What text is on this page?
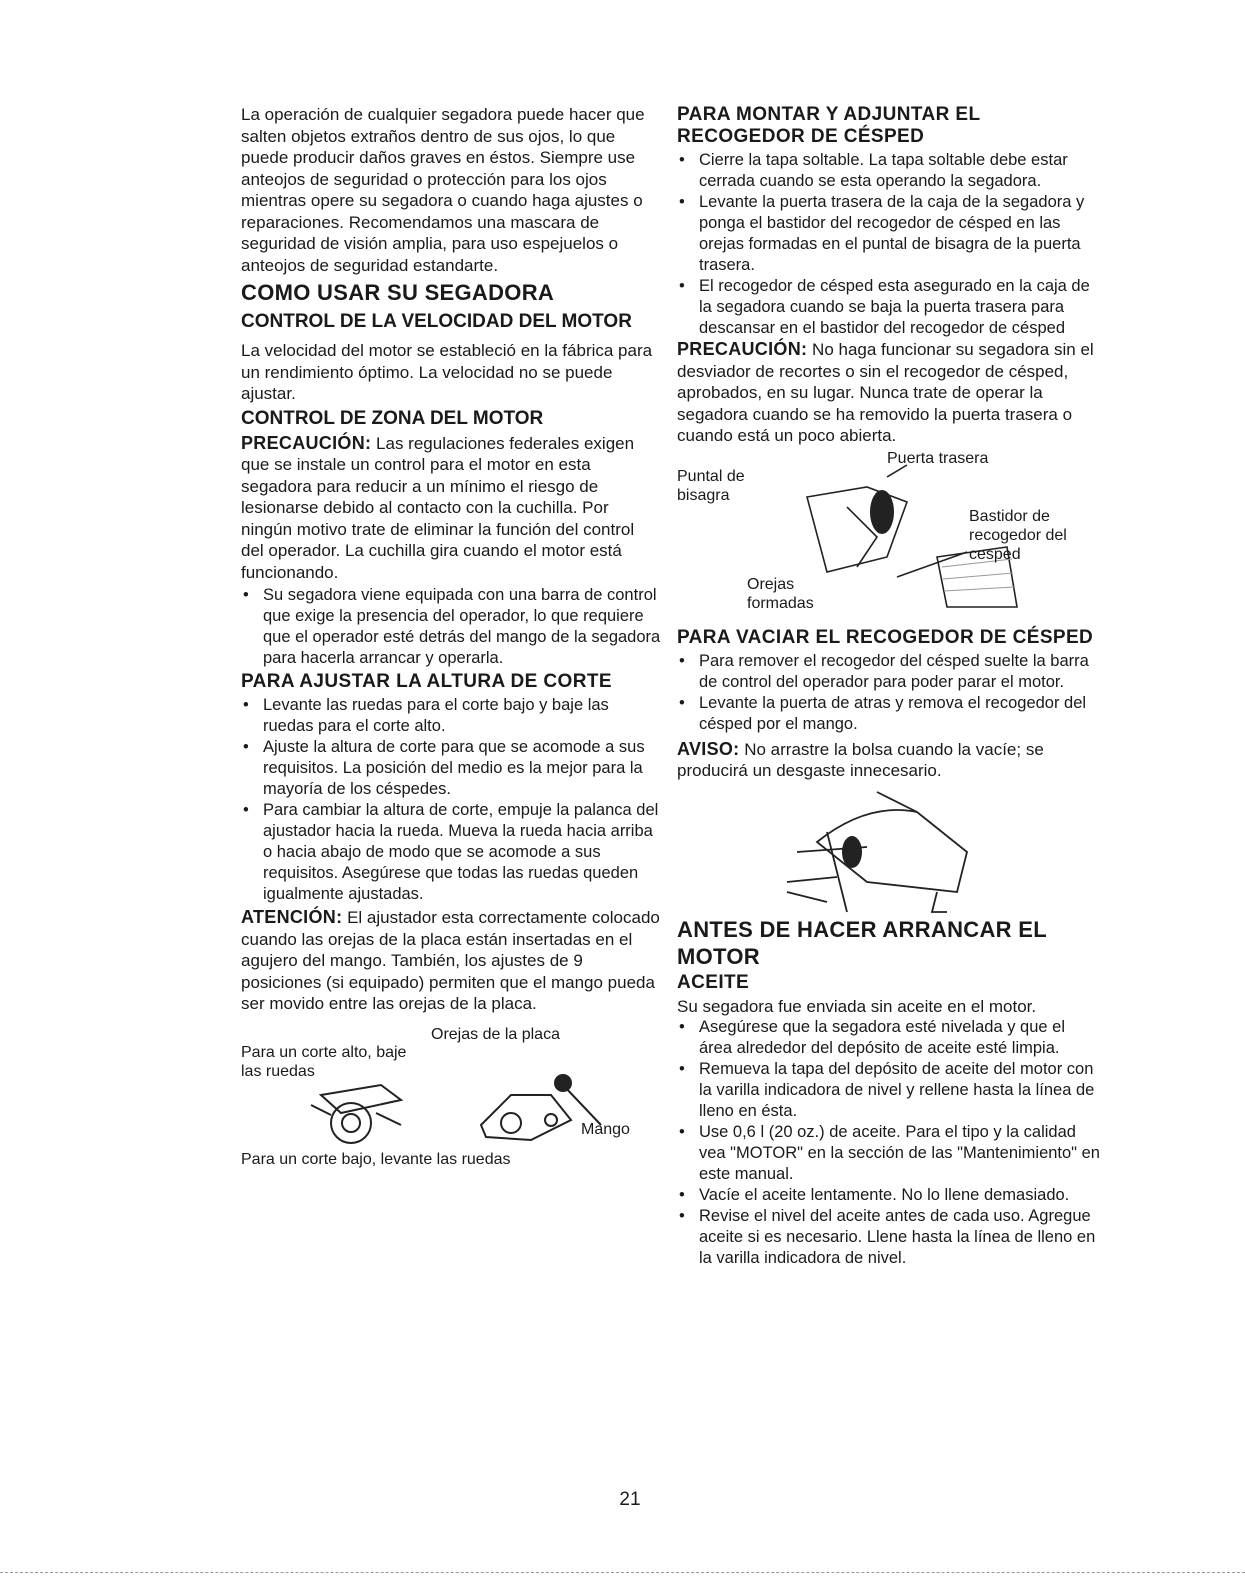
La operación de cualquier segadora puede hacer que salten objetos extraños dentro de sus ojos, lo que puede producir daños graves en éstos. Siempre use anteojos de seguridad o protección para los ojos mientras opere su segadora o cuando haga ajustes o reparaciones. Recomendamos una mascara de seguridad de visión amplia, para uso espejuelos o anteojos de seguridad estandarte.

COMO USAR SU SEGADORA
CONTROL DE LA VELOCIDAD DEL MOTOR

La velocidad del motor se estableció en la fábrica para un rendimiento óptimo. La velocidad no se puede ajustar.

CONTROL DE ZONA DEL MOTOR

PRECAUCIÓN: Las regulaciones federales exigen que se instale un control para el motor en esta segadora para reducir a un mínimo el riesgo de lesionarse debido al contacto con la cuchilla. Por ningún motivo trate de eliminar la función del control del operador. La cuchilla gira cuando el motor está funcionando.

• Su segadora viene equipada con una barra de control que exige la presencia del operador, lo que requiere que el operador esté detrás del mango de la segadora para hacerla arrancar y operarla.
PARA AJUSTAR LA ALTURA DE CORTE
• Levante las ruedas para el corte bajo y baje las ruedas para el corte alto.
• Ajuste la altura de corte para que se acomode a sus requisitos. La posición del medio es la mejor para la mayoría de los céspedes.
• Para cambiar la altura de corte, empuje la palanca del ajustador hacia la rueda. Mueva la rueda hacia arriba o hacia abajo de modo que se acomode a sus requisitos. Asegúrese que todas las ruedas queden igualmente ajustadas.

ATENCIÓN: El ajustador esta correctamente colocado cuando las orejas de la placa están insertadas en el agujero del mango. También, los ajustes de 9 posiciones (si equipado) permiten que el mango pueda ser movido entre las orejas de la placa.

Orejas de la placa
Para un corte alto, baje las ruedas
Mango
Para un corte bajo, levante las ruedas
PARA MONTAR Y ADJUNTAR EL RECOGEDOR DE CÉSPED
• Cierre la tapa soltable. La tapa soltable debe estar cerrada cuando se esta operando la segadora.
• Levante la puerta trasera de la caja de la segadora y ponga el bastidor del recogedor de césped en las orejas formadas en el puntal de bisagra de la puerta trasera.
• El recogedor de césped esta asegurado en la caja de la segadora cuando se baja la puerta trasera para descansar en el bastidor del recogedor de césped

PRECAUCIÓN: No haga funcionar su segadora sin el desviador de recortes o sin el recogedor de césped, aprobados, en su lugar. Nunca trate de operar la segadora cuando se ha removido la puerta trasera o cuando está un poco abierta.

Puerta trasera
Puntal de bisagra
Bastidor de recogedor del cesped
Orejas formadas
PARA VACIAR EL RECOGEDOR DE CÉSPED
• Para remover el recogedor del césped suelte la barra de control del operador para poder parar el motor.
• Levante la puerta de atras y remova el recogedor del césped por el mango.

AVISO: No arrastre la bolsa cuando la vacíe; se producirá un desgaste innecesario.

ANTES DE HACER ARRANCAR EL MOTOR
ACEITE

Su segadora fue enviada sin aceite en el motor.

• Asegúrese que la segadora esté nivelada y que el área alrededor del depósito de aceite esté limpia.
• Remueva la tapa del depósito de aceite del motor con la varilla indicadora de nivel y rellene hasta la línea de lleno en ésta.
• Use 0,6 l (20 oz.) de aceite. Para el tipo y la calidad vea "MOTOR" en la sección de las "Mantenimiento" en este manual.
• Vacíe el aceite lentamente. No lo llene demasiado.
• Revise el nivel del aceite antes de cada uso. Agregue aceite si es necesario. Llene hasta la línea de lleno en la varilla indicadora de nivel.
21
